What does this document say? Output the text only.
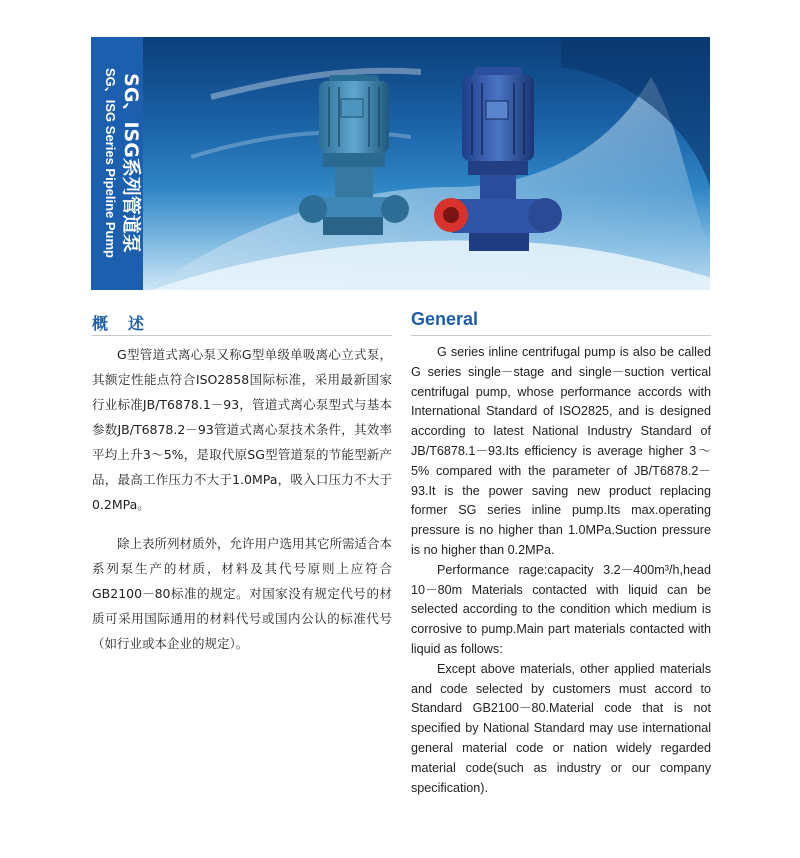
SG、ISG系列管道泵
SG、ISG Series Pipeline Pump
概述	General

G型管道式离心泵又称G型单级单吸离心立式泵，其额定性能点符合ISO2858国际标准，采用最新国家行业标准JB/T6878.1－93，管道式离心泵型式与基本参数JB/T6878.2－93管道式离心泵技术条件，其效率平均上升3～5%，是取代原SG型管道泵的节能型新产品，最高工作压力不大于1.0MPa，吸入口压力不大于0.2MPa。

除上表所列材质外，允许用户选用其它所需适合本系列泵生产的材质，材料及其代号原则上应符合GB2100－80标准的规定。对国家没有规定代号的材质可采用国际通用的材料代号或国内公认的标准代号（如行业或本企业的规定）。

G series inline centrifugal pump is also be called G series single－stage and single－suction vertical centrifugal pump, whose performance accords with International Standard of ISO2825, and is designed according to latest National Industry Standard of JB/T6878.1－93.Its efficiency is average higher 3～5% compared with the parameter of JB/T6878.2－93.It is the power saving new product replacing former SG series inline pump.Its max.operating pressure is no higher than 1.0MPa.Suction pressure is no higher than 0.2MPa.

Performance rage:capacity 3.2－400m³/h,head 10－80m Materials contacted with liquid can be selected according to the condition which medium is corrosive to pump.Main part materials contacted with liquid as follows:

Except above materials, other applied materials and code selected by customers must accord to Standard GB2100－80.Material code that is not specified by National Standard may use international general material code or nation widely regarded material code(such as industry or our company specification).
